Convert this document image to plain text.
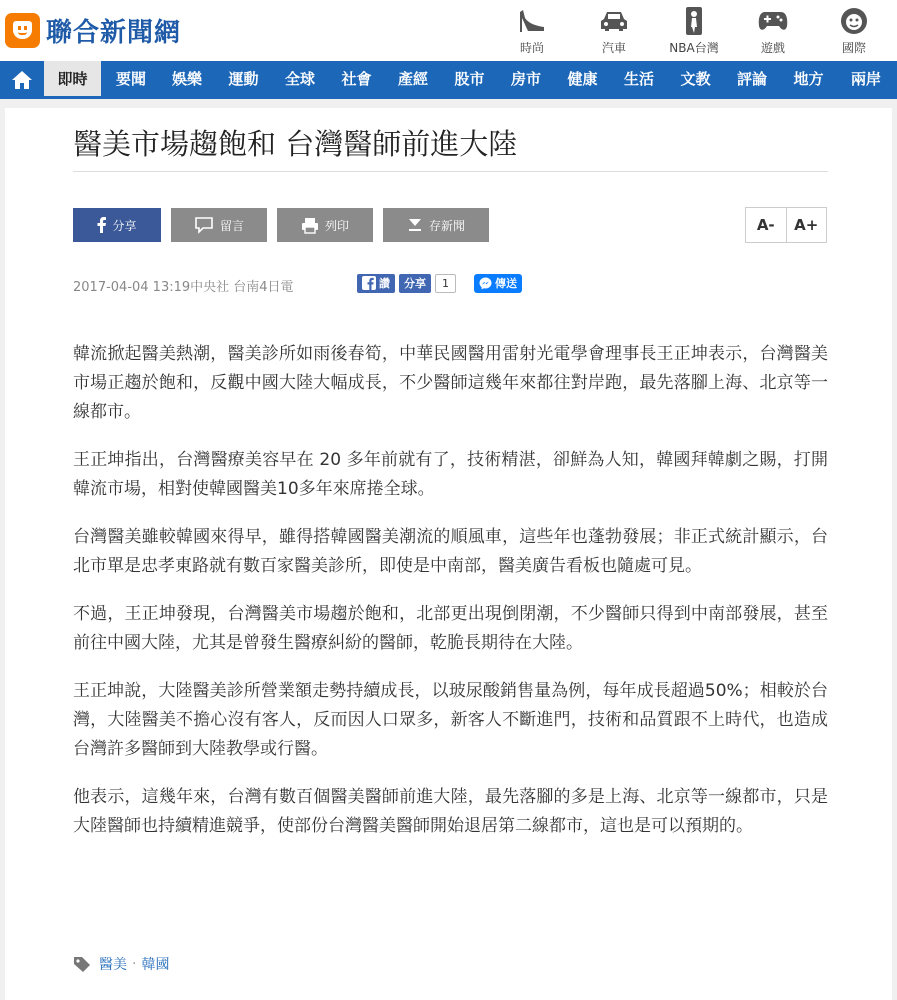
聯合新聞網	時尚	汽車	NBA台灣	遊戲	國際
即時	要聞	娛樂	運動	全球	社會	產經	股市	房市	健康	生活	文教	評論	地方	兩岸
醫美市場趨飽和 台灣醫師前進大陸
分享	留言	列印	存新聞	A-	A+
2017-04-04 13:19中央社 台南4日電	讚	分享	1	傳送

韓流掀起醫美熱潮，醫美診所如雨後春筍，中華民國醫用雷射光電學會理事長王正坤表示，台灣醫美市場正趨於飽和，反觀中國大陸大幅成長，不少醫師這幾年來都往對岸跑，最先落腳上海、北京等一線都市。

王正坤指出，台灣醫療美容早在 20 多年前就有了，技術精湛，卻鮮為人知，韓國拜韓劇之賜，打開韓流市場，相對使韓國醫美10多年來席捲全球。

台灣醫美雖較韓國來得早，雖得搭韓國醫美潮流的順風車，這些年也蓬勃發展；非正式統計顯示，台北市單是忠孝東路就有數百家醫美診所，即使是中南部，醫美廣告看板也隨處可見。

不過，王正坤發現，台灣醫美市場趨於飽和，北部更出現倒閉潮，不少醫師只得到中南部發展，甚至前往中國大陸，尤其是曾發生醫療糾紛的醫師，乾脆長期待在大陸。

王正坤說，大陸醫美診所營業額走勢持續成長，以玻尿酸銷售量為例，每年成長超過50%；相較於台灣，大陸醫美不擔心沒有客人，反而因人口眾多，新客人不斷進門，技術和品質跟不上時代，也造成台灣許多醫師到大陸教學或行醫。

他表示，這幾年來，台灣有數百個醫美醫師前進大陸，最先落腳的多是上海、北京等一線都市，只是大陸醫師也持續精進競爭，使部份台灣醫美醫師開始退居第二線都市，這也是可以預期的。

醫美 · 韓國
